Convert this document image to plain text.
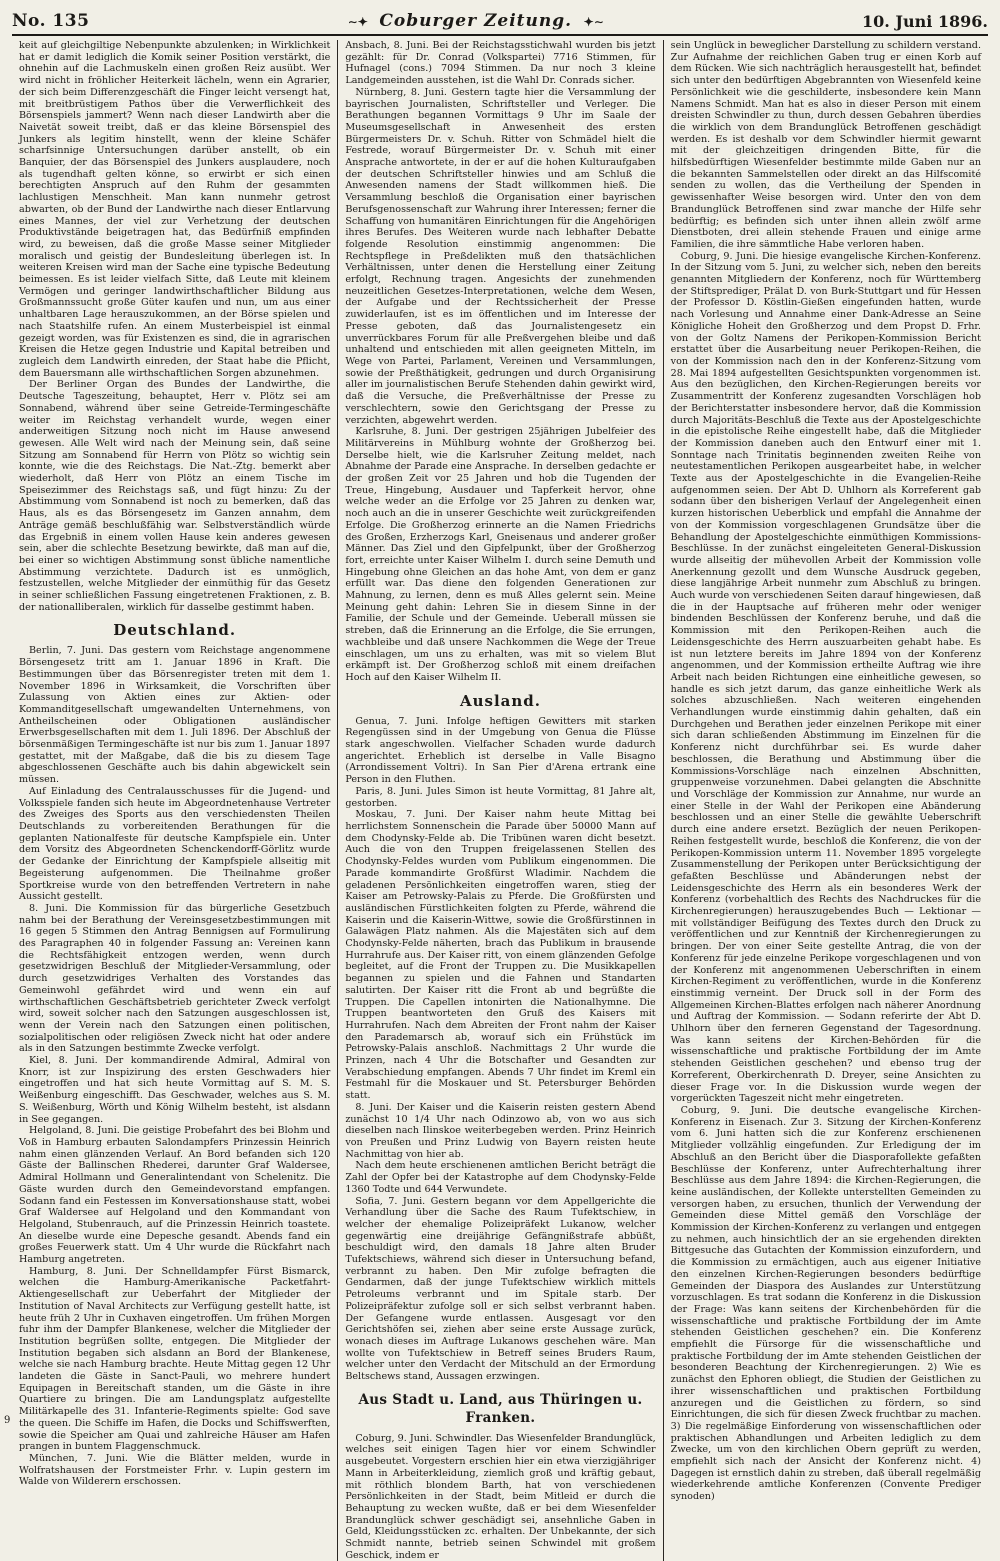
No. 135	∼✦ Coburger Zeitung. ✦∼	10. Juni 1896.

keit auf gleichgiltige Nebenpunkte abzulenken; in Wirklichkeit hat er damit lediglich die Komik seiner Position verstärkt, die ohnehin auf die Lachmuskeln einen großen Reiz ausübt. Wer wird nicht in fröhlicher Heiterkeit lächeln, wenn ein Agrarier, der sich beim Differenzgeschäft die Finger leicht versengt hat, mit breitbrüstigem Pathos über die Verwerflichkeit des Börsenspiels jammert? Wenn nach dieser Landwirth aber die Naivetät soweit treibt, daß er das kleine Börsenspiel des Junkers als legitim hinstellt, wenn der kleine Schäfer scharfsinnige Untersuchungen darüber anstellt, ob ein Banquier, der das Börsenspiel des Junkers ausplaudere, noch als tugendhaft gelten könne, so erwirbt er sich einen berechtigten Anspruch auf den Ruhm der gesammten lachlustigen Menschheit. Man kann nunmehr getrost abwarten, ob der Bund der Landwirthe nach dieser Entlarvung eines Mannes, der viel zur Verhetzung der deutschen Produktivstände beigetragen hat, das Bedürfniß empfinden wird, zu beweisen, daß die große Masse seiner Mitglieder moralisch und geistig der Bundesleitung überlegen ist. In weiteren Kreisen wird man der Sache eine typische Bedeutung beimessen. Es ist leider vielfach Sitte, daß Leute mit kleinem Vermögen und geringer landwirthschaftlicher Bildung aus Großmannssucht große Güter kaufen und nun, um aus einer unhaltbaren Lage herauszukommen, an der Börse spielen und nach Staatshilfe rufen. An einem Musterbeispiel ist einmal gezeigt worden, was für Existenzen es sind, die in agrarischen Kreisen die Hetze gegen Industrie und Kapital betreiben und zugleich dem Landwirth einreden, der Staat habe die Pflicht, dem Bauersmann alle wirthschaftlichen Sorgen abzunehmen.

Der Berliner Organ des Bundes der Landwirthe, die Deutsche Tageszeitung, behauptet, Herr v. Plötz sei am Sonnabend, während über seine Getreide-Termingeschäfte weiter im Reichstag verhandelt wurde, wegen einer anderweitigen Sitzung noch nicht im Hause anwesend gewesen. Alle Welt wird nach der Meinung sein, daß seine Sitzung am Sonnabend für Herrn von Plötz so wichtig sein konnte, wie die des Reichstags. Die Nat.-Ztg. bemerkt aber wiederholt, daß Herr von Plötz an einem Tische im Speisezimmer des Reichstags saß, und fügt hinzu: Zu der Abstimmung vom Sonnabend ist noch zu bemerken, daß das Haus, als es das Börsengesetz im Ganzen annahm, dem Anträge gemäß beschlußfähig war. Selbstverständlich würde das Ergebniß in einem vollen Hause kein anderes gewesen sein, aber die schlechte Besetzung bewirkte, daß man auf die, bei einer so wichtigen Abstimmung sonst übliche namentliche Abstimmung verzichtete. Dadurch ist es unmöglich, festzustellen, welche Mitglieder der einmüthig für das Gesetz in seiner schließlichen Fassung eingetretenen Fraktionen, z. B. der nationalliberalen, wirklich für dasselbe gestimmt haben.

Deutschland.

Berlin, 7. Juni. Das gestern vom Reichstage angenommene Börsengesetz tritt am 1. Januar 1896 in Kraft. Die Bestimmungen über das Börsenregister treten mit dem 1. November 1896 in Wirksamkeit, die Vorschriften über Zulassung von Aktien eines zur Aktien- oder Kommanditgesellschaft umgewandelten Unternehmens, von Antheilscheinen oder Obligationen ausländischer Erwerbsgesellschaften mit dem 1. Juli 1896. Der Abschluß der börsenmäßigen Termingeschäfte ist nur bis zum 1. Januar 1897 gestattet, mit der Maßgabe, daß die bis zu diesem Tage abgeschlossenen Geschäfte auch bis dahin abgewickelt sein müssen.

Auf Einladung des Centralausschusses für die Jugend- und Volksspiele fanden sich heute im Abgeordnetenhause Vertreter des Zweiges des Sports aus den verschiedensten Theilen Deutschlands zu vorbereitenden Berathungen für die geplanten Nationalfeste für deutsche Kampfspiele ein. Unter dem Vorsitz des Abgeordneten Schenckendorff-Görlitz wurde der Gedanke der Einrichtung der Kampfspiele allseitig mit Begeisterung aufgenommen. Die Theilnahme großer Sportkreise wurde von den betreffenden Vertretern in nahe Aussicht gestellt.

8. Juni. Die Kommission für das bürgerliche Gesetzbuch nahm bei der Berathung der Vereinsgesetzbestimmungen mit 16 gegen 5 Stimmen den Antrag Bennigsen auf Formulirung des Paragraphen 40 in folgender Fassung an: Vereinen kann die Rechtsfähigkeit entzogen werden, wenn durch gesetzwidrigen Beschluß der Mitglieder-Versammlung, oder durch gesetzwidriges Verhalten des Vorstandes das Gemeinwohl gefährdet wird und wenn ein auf wirthschaftlichen Geschäftsbetrieb gerichteter Zweck verfolgt wird, soweit solcher nach den Satzungen ausgeschlossen ist, wenn der Verein nach den Satzungen einen politischen, sozialpolitischen oder religiösen Zweck nicht hat oder andere als in den Satzungen bestimmte Zwecke verfolgt.

Kiel, 8. Juni. Der kommandirende Admiral, Admiral von Knorr, ist zur Inspizirung des ersten Geschwaders hier eingetroffen und hat sich heute Vormittag auf S. M. S. Weißenburg eingeschifft. Das Geschwader, welches aus S. M. S. Weißenburg, Wörth und König Wilhelm besteht, ist alsdann in See gegangen.

Helgoland, 8. Juni. Die geistige Probefahrt des bei Blohm und Voß in Hamburg erbauten Salondampfers Prinzessin Heinrich nahm einen glänzenden Verlauf. An Bord befanden sich 120 Gäste der Ballinschen Rhederei, darunter Graf Waldersee, Admiral Hollmann und Generalintendant von Schelenitz. Die Gäste wurden durch den Gemeindevorstand empfangen. Sodann fand ein Festessen im Konversationshause statt, wobei Graf Waldersee auf Helgoland und den Kommandant von Helgoland, Stubenrauch, auf die Prinzessin Heinrich toastete. An dieselbe wurde eine Depesche gesandt. Abends fand ein großes Feuerwerk statt. Um 4 Uhr wurde die Rückfahrt nach Hamburg angetreten.

Hamburg, 8. Juni. Der Schnelldampfer Fürst Bismarck, welchen die Hamburg-Amerikanische Packetfahrt-Aktiengesellschaft zur Ueberfahrt der Mitglieder der Institution of Naval Architects zur Verfügung gestellt hatte, ist heute früh 2 Uhr in Cuxhaven eingetroffen. Um frühen Morgen fuhr ihm der Dampfer Blankenese, welcher die Mitglieder der Institution begrüßen sollte, entgegen. Die Mitglieder der Institution begaben sich alsdann an Bord der Blankenese, welche sie nach Hamburg brachte. Heute Mittag gegen 12 Uhr landeten die Gäste in Sanct-Pauli, wo mehrere hundert Equipagen in Bereitschaft standen, um die Gäste in ihre Quartiere zu bringen. Die am Landungsplatz aufgestellte Militärkapelle des 31. Infanterie-Regiments spielte: God save the queen. Die Schiffe im Hafen, die Docks und Schiffswerften, sowie die Speicher am Quai und zahlreiche Häuser am Hafen prangen in buntem Flaggenschmuck.

München, 7. Juni. Wie die Blätter melden, wurde in Wolfratshausen der Forstmeister Frhr. v. Lupin gestern im Walde von Wilderern erschossen.

Ansbach, 8. Juni. Bei der Reichstagsstichwahl wurden bis jetzt gezählt: für Dr. Conrad (Volkspartei) 7716 Stimmen, für Hufnagel (cons.) 7094 Stimmen. Da nur noch 3 kleine Landgemeinden ausstehen, ist die Wahl Dr. Conrads sicher.

Nürnberg, 8. Juni. Gestern tagte hier die Versammlung der bayrischen Journalisten, Schriftsteller und Verleger. Die Berathungen begannen Vormittags 9 Uhr im Saale der Museumsgesellschaft in Anwesenheit des ersten Bürgermeisters Dr. v. Schuh. Ritter von Schmädel hielt die Festrede, worauf Bürgermeister Dr. v. Schuh mit einer Ansprache antwortete, in der er auf die hohen Kulturaufgaben der deutschen Schriftsteller hinwies und am Schluß die Anwesenden namens der Stadt willkommen hieß. Die Versammlung beschloß die Organisation einer bayrischen Berufsgenossenschaft zur Wahrung ihrer Interessen; ferner die Schaffung von humanitären Einrichtungen für die Angehörigen ihres Berufes. Des Weiteren wurde nach lebhafter Debatte folgende Resolution einstimmig angenommen: Die Rechtspflege in Preßdelikten muß den thatsächlichen Verhältnissen, unter denen die Herstellung einer Zeitung erfolgt, Rechnung tragen. Angesichts der zunehmenden neuzeitlichen Gesetzes-Interpretationen, welche dem Wesen, der Aufgabe und der Rechtssicherheit der Presse zuwiderlaufen, ist es im öffentlichen und im Interesse der Presse geboten, daß das Journalistengesetz ein unverrückbares Forum für alle Preßvergehen bleibe und daß unhaltend und entschieden mit allen geeigneten Mitteln, im Wege von Partei, Parlament, Vereinen und Versammlungen, sowie der Preßthätigkeit, gedrungen und durch Organisirung aller im journalistischen Berufe Stehenden dahin gewirkt wird, daß die Versuche, die Preßverhältnisse der Presse zu verschlechtern, sowie den Gerichtsgang der Presse zu verzichten, abgewehrt werden.

Karlsruhe, 8. Juni. Der gestrigen 25jährigen Jubelfeier des Militärvereins in Mühlburg wohnte der Großherzog bei. Derselbe hielt, wie die Karlsruher Zeitung meldet, nach Abnahme der Parade eine Ansprache. In derselben gedachte er der großen Zeit vor 25 Jahren und hob die Tugenden der Treue, Hingebung, Ausdauer und Tapferkeit hervor, ohne welche weder an die Erfolge vor 25 Jahren zu denken war, noch auch an die in unserer Geschichte weit zurückgreifenden Erfolge. Die Großherzog erinnerte an die Namen Friedrichs des Großen, Erzherzogs Karl, Gneisenaus und anderer großer Männer. Das Ziel und den Gipfelpunkt, über der Großherzog fort, erreichte unter Kaiser Wilhelm I. durch seine Demuth und Hingebung ohne Gleichen an das hohe Amt, von dem er ganz erfüllt war. Das diene den folgenden Generationen zur Mahnung, zu lernen, denn es muß Alles gelernt sein. Meine Meinung geht dahin: Lehren Sie in diesem Sinne in der Familie, der Schule und der Gemeinde. Ueberall müssen sie streben, daß die Erinnerung an die Erfolge, die Sie errungen, wachbleibe und daß unsere Nachkommen die Wege der Treue einschlagen, um uns zu erhalten, was mit so vielem Blut erkämpft ist. Der Großherzog schloß mit einem dreifachen Hoch auf den Kaiser Wilhelm II.

Ausland.

Genua, 7. Juni. Infolge heftigen Gewitters mit starken Regengüssen sind in der Umgebung von Genua die Flüsse stark angeschwollen. Vielfacher Schaden wurde dadurch angerichtet. Erheblich ist derselbe in Valle Bisagno (Arrondissement Voltri). In San Pier d'Arena ertrank eine Person in den Fluthen.

Paris, 8. Juni. Jules Simon ist heute Vormittag, 81 Jahre alt, gestorben.

Moskau, 7. Juni. Der Kaiser nahm heute Mittag bei herrlichstem Sonnenschein die Parade über 50000 Mann auf dem Chodynsky-Felde ab. Die Tribünen waren dicht besetzt. Auch die von den Truppen freigelassenen Stellen des Chodynsky-Feldes wurden vom Publikum eingenommen. Die Parade kommandirte Großfürst Wladimir. Nachdem die geladenen Persönlichkeiten eingetroffen waren, stieg der Kaiser am Petrowsky-Palais zu Pferde. Die Großfürsten und ausländischen Fürstlichkeiten folgten zu Pferde, während die Kaiserin und die Kaiserin-Wittwe, sowie die Großfürstinnen in Galawägen Platz nahmen. Als die Majestäten sich auf dem Chodynsky-Felde näherten, brach das Publikum in brausende Hurrahrufe aus. Der Kaiser ritt, von einem glänzenden Gefolge begleitet, auf die Front der Truppen zu. Die Musikkapellen begannen zu spielen und die Fahnen und Standarten salutirten. Der Kaiser ritt die Front ab und begrüßte die Truppen. Die Capellen intonirten die Nationalhymne. Die Truppen beantworteten den Gruß des Kaisers mit Hurrahrufen. Nach dem Abreiten der Front nahm der Kaiser den Parademarsch ab, worauf sich ein Frühstück im Petrowsky-Palais anschloß. Nachmittags 2 Uhr wurde die Prinzen, nach 4 Uhr die Botschafter und Gesandten zur Verabschiedung empfangen. Abends 7 Uhr findet im Kreml ein Festmahl für die Moskauer und St. Petersburger Behörden statt.

8. Juni. Der Kaiser und die Kaiserin reisten gestern Abend zunächst 10 1/4 Uhr nach Odinzowo ab, von wo aus sich dieselben nach Ilinskoe weiterbegeben werden. Prinz Heinrich von Preußen und Prinz Ludwig von Bayern reisten heute Nachmittag von hier ab.

Nach dem heute erschienenen amtlichen Bericht beträgt die Zahl der Opfer bei der Katastrophe auf dem Chodynsky-Felde 1360 Todte und 644 Verwundete.

Sofia, 7. Juni. Gestern begann vor dem Appellgerichte die Verhandlung über die Sache des Raum Tufektschiew, in welcher der ehemalige Polizeipräfekt Lukanow, welcher gegenwärtig eine dreijährige Gefängnißstrafe abbüßt, beschuldigt wird, den damals 18 Jahre alten Bruder Tufektschiews, während sich dieser in Untersuchung befand, verbrannt zu haben. Den Mir zufolge befragten die Gendarmen, daß der junge Tufektschiew wirklich mittels Petroleums verbrannt und im Spitale starb. Der Polizeipräfektur zufolge soll er sich selbst verbrannt haben. Der Gefangene wurde entlassen. Ausgesagt vor den Gerichtshöfen sei, ziehen aber seine erste Aussage zurück, wonach dieses im Auftrage Lukanows geschehen wäre. Man wollte von Tufektschiew in Betreff seines Bruders Raum, welcher unter den Verdacht der Mitschuld an der Ermordung Beltschews stand, Aussagen erzwingen.

Aus Stadt u. Land, aus Thüringen u. Franken.

Coburg, 9. Juni. Schwindler. Das Wiesenfelder Brandunglück, welches seit einigen Tagen hier vor einem Schwindler ausgebeutet. Vorgestern erschien hier ein etwa vierzigjähriger Mann in Arbeiterkleidung, ziemlich groß und kräftig gebaut, mit röthlich blondem Barth, hat von verschiedenen Persönlichkeiten in der Stadt, beim Mitleid er durch die Behauptung zu wecken wußte, daß er bei dem Wiesenfelder Brandunglück schwer geschädigt sei, ansehnliche Gaben in Geld, Kleidungsstücken zc. erhalten. Der Unbekannte, der sich Schmidt nannte, betrieb seinen Schwindel mit großem Geschick, indem er

sein Unglück in beweglicher Darstellung zu schildern verstand. Zur Aufnahme der reichlichen Gaben trug er einen Korb auf dem Rücken. Wie sich nachträglich herausgestellt hat, befindet sich unter den bedürftigen Abgebrannten von Wiesenfeld keine Persönlichkeit wie die geschilderte, insbesondere kein Mann Namens Schmidt. Man hat es also in dieser Person mit einem dreisten Schwindler zu thun, durch dessen Gebahren überdies die wirklich von dem Brandunglück Betroffenen geschädigt werden. Es ist deshalb vor dem Schwindler hiermit gewarnt mit der gleichzeitigen dringenden Bitte, für die hilfsbedürftigen Wiesenfelder bestimmte milde Gaben nur an die bekannten Sammelstellen oder direkt an das Hilfscomité senden zu wollen, das die Vertheilung der Spenden in gewissenhafter Weise besorgen wird. Unter den von dem Brandunglück Betroffenen sind zwar manche der Hilfe sehr bedürftig; es befinden sich unter ihnen allein zwölf arme Dienstboten, drei allein stehende Frauen und einige arme Familien, die ihre sämmtliche Habe verloren haben.

Coburg, 9. Juni. Die hiesige evangelische Kirchen-Konferenz. In der Sitzung vom 5. Juni, zu welcher sich, neben den bereits genannten Mitgliedern der Konferenz, noch für Württemberg der Stiftsprediger, Prälat D. von Burk-Stuttgart und für Hessen der Professor D. Köstlin-Gießen eingefunden hatten, wurde nach Vorlesung und Annahme einer Dank-Adresse an Seine Königliche Hoheit den Großherzog und dem Propst D. Frhr. von der Goltz Namens der Perikopen-Kommission Bericht erstattet über die Ausarbeitung neuer Perikopen-Reihen, die von der Kommission nach den in der Konferenz-Sitzung vom 28. Mai 1894 aufgestellten Gesichtspunkten vorgenommen ist. Aus den bezüglichen, den Kirchen-Regierungen bereits vor Zusammentritt der Konferenz zugesandten Vorschlägen hob der Berichterstatter insbesondere hervor, daß die Kommission durch Majoritäts-Beschluß die Texte aus der Apostelgeschichte in die epistolische Reihe eingestellt habe, daß die Mitglieder der Kommission daneben auch den Entwurf einer mit 1. Sonntage nach Trinitatis beginnenden zweiten Reihe von neutestamentlichen Perikopen ausgearbeitet habe, in welcher Texte aus der Apostelgeschichte in die Evangelien-Reihe aufgenommen seien. Der Abt D. Uhlhorn als Korreferent gab sodann über den bisherigen Verlauf der Angelegenheit einen kurzen historischen Ueberblick und empfahl die Annahme der von der Kommission vorgeschlagenen Grundsätze über die Behandlung der Apostelgeschichte einmüthigen Kommissions-Beschlüsse. In der zunächst eingeleiteten General-Diskussion wurde allseitig der mühevollen Arbeit der Kommission volle Anerkennung gezollt und dem Wunsche Ausdruck gegeben, diese langjährige Arbeit nunmehr zum Abschluß zu bringen. Auch wurde von verschiedenen Seiten darauf hingewiesen, daß die in der Hauptsache auf früheren mehr oder weniger bindenden Beschlüssen der Konferenz beruhe, und daß die Kommission mit den Perikopen-Reihen auch die Leidensgeschichte des Herrn auszuarbeiten gehabt habe. Es ist nun letztere bereits im Jahre 1894 von der Konferenz angenommen, und der Kommission ertheilte Auftrag wie ihre Arbeit nach beiden Richtungen eine einheitliche gewesen, so handle es sich jetzt darum, das ganze einheitliche Werk als solches abzuschließen. Nach weiteren eingehenden Verhandlungen wurde einstimmig dahin gehalten, daß ein Durchgehen und Berathen jeder einzelnen Perikope mit einer sich daran schließenden Abstimmung im Einzelnen für die Konferenz nicht durchführbar sei. Es wurde daher beschlossen, die Berathung und Abstimmung über die Kommissions-Vorschläge nach einzelnen Abschnitten, gruppenweise vorzunehmen. Dabei gelangten die Abschnitte und Vorschläge der Kommission zur Annahme, nur wurde an einer Stelle in der Wahl der Perikopen eine Abänderung beschlossen und an einer Stelle die gewählte Ueberschrift durch eine andere ersetzt. Bezüglich der neuen Perikopen-Reihen festgestellt wurde, beschloß die Konferenz, die von der Perikopen-Kommission unterm 11. November 1895 vorgelegte Zusammenstellung der Perikopen unter Berücksichtigung der gefaßten Beschlüsse und Abänderungen nebst der Leidensgeschichte des Herrn als ein besonderes Werk der Konferenz (vorbehaltlich des Rechts des Nachdruckes für die Kirchenregierungen) herauszugebendes Buch — Lektionar — mit vollständiger Beifügung des Textes durch den Druck zu veröffentlichen und zur Kenntniß der Kirchenregierungen zu bringen. Der von einer Seite gestellte Antrag, die von der Konferenz für jede einzelne Perikope vorgeschlagenen und von der Konferenz mit angenommenen Ueberschriften in einem Kirchen-Regiment zu veröffentlichen, wurde in die Konferenz einstimmig verneint. Der Druck soll in der Form des Allgemeinen Kirchen-Blattes erfolgen nach näherer Anordnung und Auftrag der Kommission. — Sodann referirte der Abt D. Uhlhorn über den ferneren Gegenstand der Tagesordnung. Was kann seitens der Kirchen-Behörden für die wissenschaftliche und praktische Fortbildung der im Amte stehenden Geistlichen geschehen? und ebenso trug der Korreferent, Oberkirchenrath D. Dreyer, seine Ansichten zu dieser Frage vor. In die Diskussion wurde wegen der vorgerückten Tageszeit nicht mehr eingetreten.

Coburg, 9. Juni. Die deutsche evangelische Kirchen-Konferenz in Eisenach. Zur 3. Sitzung der Kirchen-Konferenz vom 6. Juni hatten sich die zur Konferenz erschienenen Mitglieder vollzählig eingefunden. Zur Erledigung der im Abschluß an den Bericht über die Diasporafollekte gefaßten Beschlüsse der Konferenz, unter Aufrechterhaltung ihrer Beschlüsse aus dem Jahre 1894: die Kirchen-Regierungen, die keine ausländischen, der Kollekte unterstellten Gemeinden zu versorgen haben, zu ersuchen, thunlich der Verwendung der Gemeinden diese Mittel gemäß den Vorschläge der Kommission der Kirchen-Konferenz zu verlangen und entgegen zu nehmen, auch hinsichtlich der an sie ergehenden direkten Bittgesuche das Gutachten der Kommission einzufordern, und die Kommission zu ermächtigen, auch aus eigener Initiative den einzelnen Kirchen-Regierungen besonders bedürftige Gemeinden der Diaspora des Auslandes zur Unterstützung vorzuschlagen. Es trat sodann die Konferenz in die Diskussion der Frage: Was kann seitens der Kirchenbehörden für die wissenschaftliche und praktische Fortbildung der im Amte stehenden Geistlichen geschehen? ein. Die Konferenz empfiehlt die Fürsorge für die wissenschaftliche und praktische Fortbildung der im Amte stehenden Geistlichen der besonderen Beachtung der Kirchenregierungen. 2) Wie es zunächst den Ephoren obliegt, die Studien der Geistlichen zu ihrer wissenschaftlichen und praktischen Fortbildung anzuregen und die Geistlichen zu fördern, so sind Einrichtungen, die sich für diesen Zweck fruchtbar zu machen. 3) Die regelmäßige Einforderung von wissenschaftlichen oder praktischen Abhandlungen und Arbeiten lediglich zu dem Zwecke, um von den kirchlichen Obern geprüft zu werden, empfiehlt sich nach der Ansicht der Konferenz nicht. 4) Dagegen ist ernstlich dahin zu streben, daß überall regelmäßig wiederkehrende amtliche Konferenzen (Convente Prediger synoden)

9
